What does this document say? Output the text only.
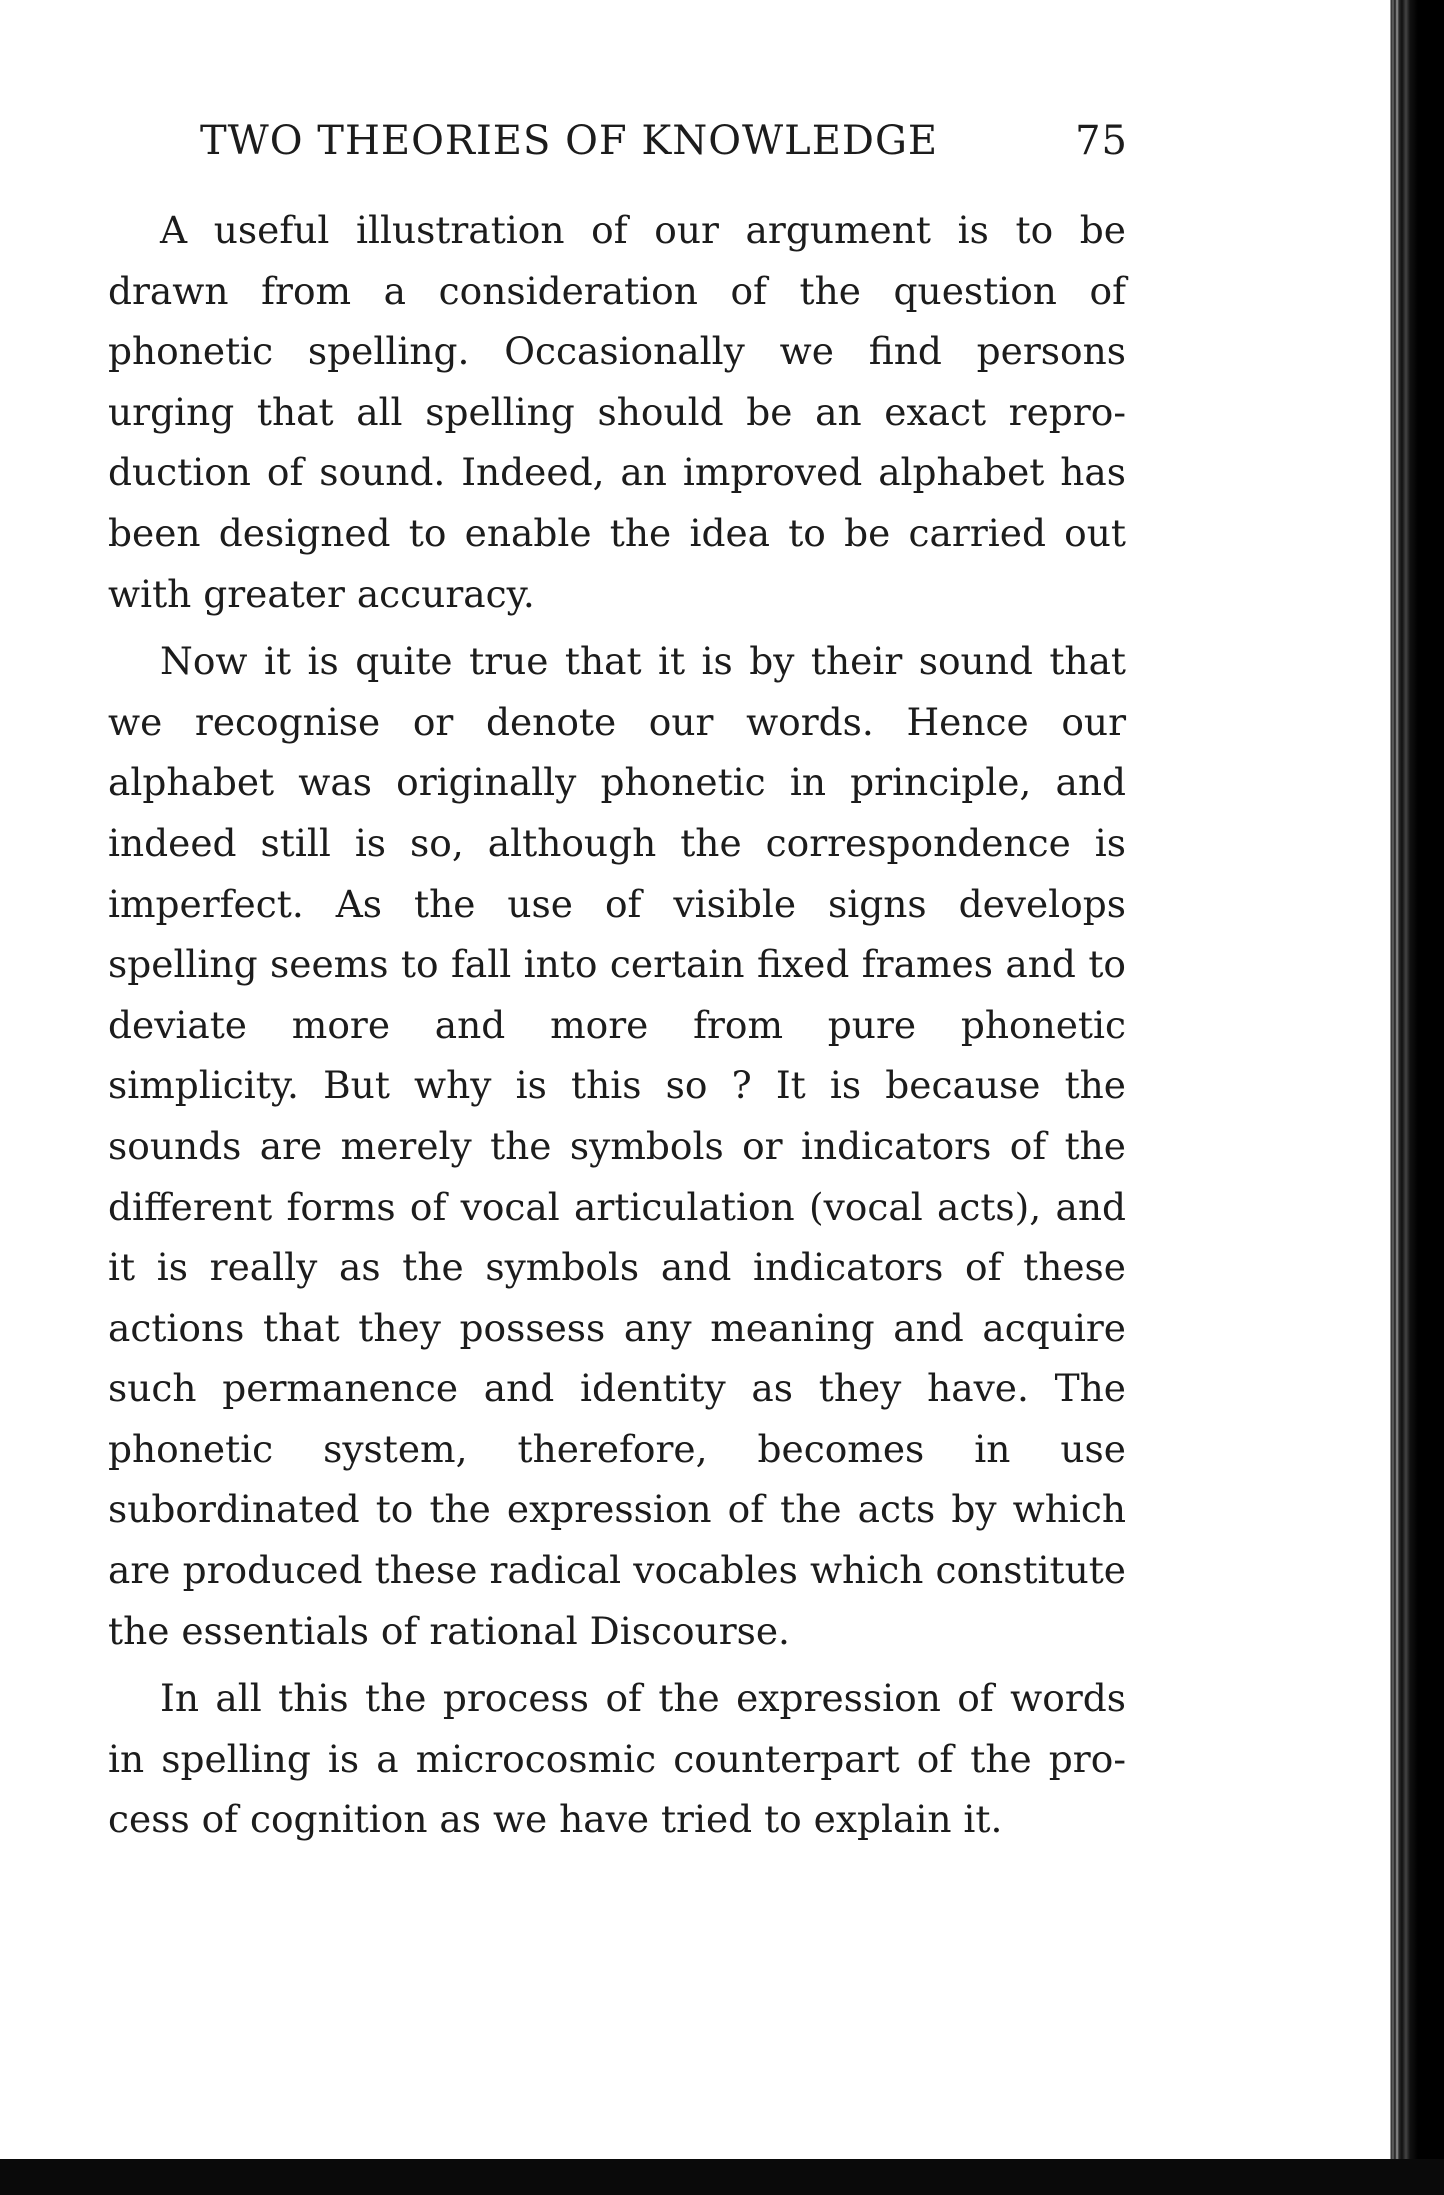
TWO THEORIES OF KNOWLEDGE	75

A useful illustration of our argument is to be drawn from a consideration of the question of phonetic spelling. Occasionally we find persons urging that all spelling should be an exact reproduction of sound. Indeed, an improved alphabet has been designed to enable the idea to be carried out with greater accuracy.

Now it is quite true that it is by their sound that we recognise or denote our words. Hence our alphabet was originally phonetic in principle, and indeed still is so, although the correspondence is imperfect. As the use of visible signs develops spelling seems to fall into certain fixed frames and to deviate more and more from pure phonetic simplicity. But why is this so ? It is because the sounds are merely the symbols or indicators of the different forms of vocal articulation (vocal acts), and it is really as the symbols and indicators of these actions that they possess any meaning and acquire such permanence and identity as they have. The phonetic system, therefore, becomes in use subordinated to the expression of the acts by which are produced these radical vocables which constitute the essentials of rational Discourse.

In all this the process of the expression of words in spelling is a microcosmic counterpart of the process of cognition as we have tried to explain it.
